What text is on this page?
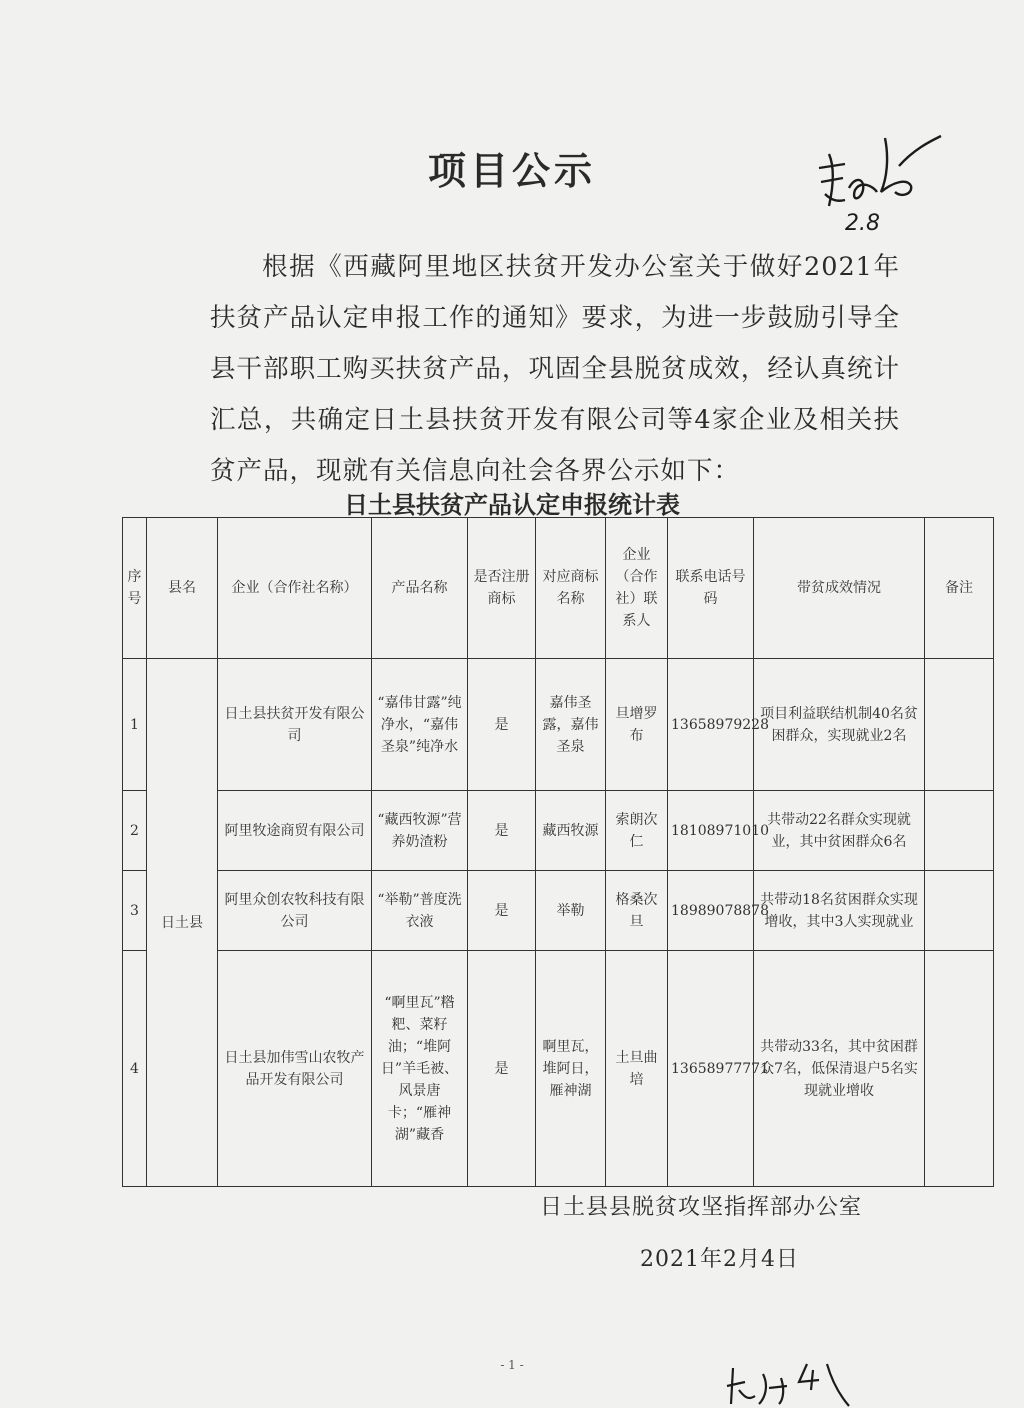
项目公示
2.8
根据《西藏阿里地区扶贫开发办公室关于做好2021年扶贫产品认定申报工作的通知》要求，为进一步鼓励引导全县干部职工购买扶贫产品，巩固全县脱贫成效，经认真统计汇总，共确定日土县扶贫开发有限公司等4家企业及相关扶贫产品，现就有关信息向社会各界公示如下：
日土县扶贫产品认定申报统计表
序号	县名	企业（合作社名称）	产品名称	是否注册商标	对应商标名称	企业（合作社）联系人	联系电话号码	带贫成效情况	备注
1	日土县	日土县扶贫开发有限公司	“嘉伟甘露”纯净水，“嘉伟圣泉”纯净水	是	嘉伟圣露，嘉伟圣泉	旦增罗布	13658979228	项目利益联结机制40名贫困群众，实现就业2名	
2		阿里牧途商贸有限公司	“藏西牧源”营养奶渣粉	是	藏西牧源	索朗次仁	18108971010	共带动22名群众实现就业，其中贫困群众6名	
3		阿里众创农牧科技有限公司	“举勒”普度洗衣液	是	举勒	格桑次旦	18989078878	共带动18名贫困群众实现增收，其中3人实现就业	
4		日土县加伟雪山农牧产品开发有限公司	“啊里瓦”糌粑、菜籽油；“堆阿日”羊毛被、风景唐卡；“雁神湖”藏香	是	啊里瓦，堆阿日，雁神湖	土旦曲培	13658977771	共带动33名，其中贫困群众7名，低保清退户5名实现就业增收	
日土县县脱贫攻坚指挥部办公室
2021年2月4日
- 1 -
